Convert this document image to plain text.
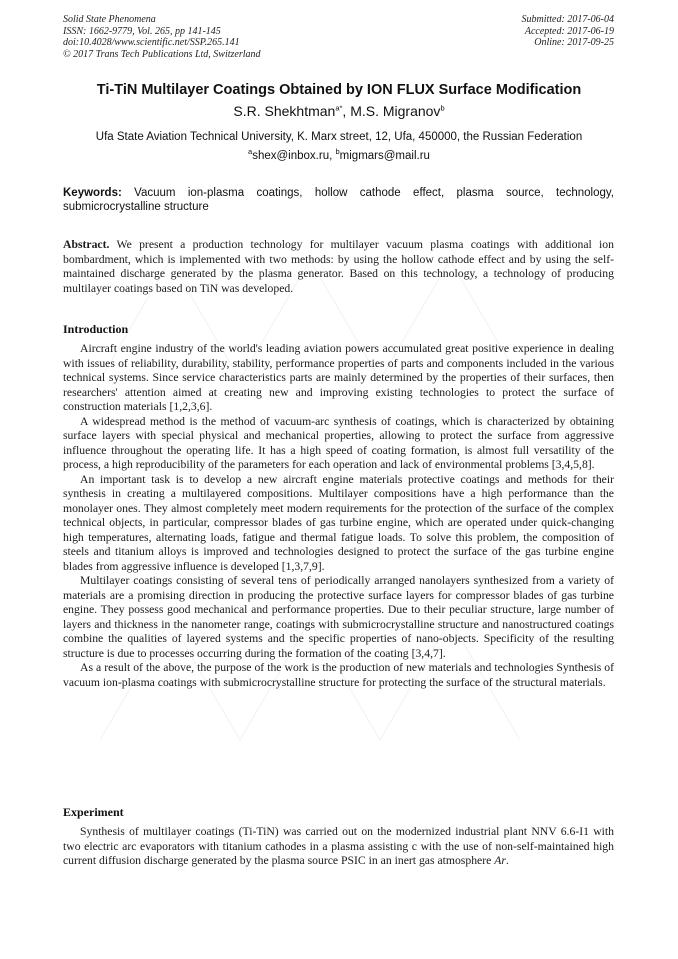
Solid State Phenomena
ISSN: 1662-9779, Vol. 265, pp 141-145
doi:10.4028/www.scientific.net/SSP.265.141
© 2017 Trans Tech Publications Ltd, Switzerland
Submitted: 2017-06-04
Accepted: 2017-06-19
Online: 2017-09-25
Ti-TiN Multilayer Coatings Obtained by ION FLUX Surface Modification
S.R. Shekhtman$^{a*}$, M.S. Migranov$^b$
Ufa State Aviation Technical University, K. Marx street, 12, Ufa, 450000, the Russian Federation
$^a$shex@inbox.ru, $^b$migmars@mail.ru
Keywords: Vacuum ion-plasma coatings, hollow cathode effect, plasma source, technology, submicrocrystalline structure

Abstract. We present a production technology for multilayer vacuum plasma coatings with additional ion bombardment, which is implemented with two methods: by using the hollow cathode effect and by using the self-maintained discharge generated by the plasma generator. Based on this technology, a technology of producing multilayer coatings based on TiN was developed.

Introduction

Aircraft engine industry of the world's leading aviation powers accumulated great positive experience in dealing with issues of reliability, durability, stability, performance properties of parts and components included in the various technical systems. Since service characteristics parts are mainly determined by the properties of their surfaces, then researchers' attention aimed at creating new and improving existing technologies to protect the surface of construction materials [1,2,3,6].

A widespread method is the method of vacuum-arc synthesis of coatings, which is characterized by obtaining surface layers with special physical and mechanical properties, allowing to protect the surface from aggressive influence throughout the operating life. It has a high speed of coating formation, is almost full versatility of the process, a high reproducibility of the parameters for each operation and lack of environmental problems [3,4,5,8].

An important task is to develop a new aircraft engine materials protective coatings and methods for their synthesis in creating a multilayered compositions. Multilayer compositions have a high performance than the monolayer ones. They almost completely meet modern requirements for the protection of the surface of the complex technical objects, in particular, compressor blades of gas turbine engine, which are operated under quick-changing high temperatures, alternating loads, fatigue and thermal fatigue loads. To solve this problem, the composition of steels and titanium alloys is improved and technologies designed to protect the surface of the gas turbine engine blades from aggressive influence is developed [1,3,7,9].

Multilayer coatings consisting of several tens of periodically arranged nanolayers synthesized from a variety of materials are a promising direction in producing the protective surface layers for compressor blades of gas turbine engine. They possess good mechanical and performance properties. Due to their peculiar structure, large number of layers and thickness in the nanometer range, coatings with submicrocrystalline structure and nanostructured coatings combine the qualities of layered systems and the specific properties of nano-objects. Specificity of the resulting structure is due to processes occurring during the formation of the coating [3,4,7].

As a result of the above, the purpose of the work is the production of new materials and technologies Synthesis of vacuum ion-plasma coatings with submicrocrystalline structure for protecting the surface of the structural materials.

Experiment

Synthesis of multilayer coatings (Ti-TiN) was carried out on the modernized industrial plant NNV 6.6-I1 with two electric arc evaporators with titanium cathodes in a plasma assisting c with the use of non-self-maintained high current diffusion discharge generated by the plasma source PSIC in an inert gas atmosphere Ar.
